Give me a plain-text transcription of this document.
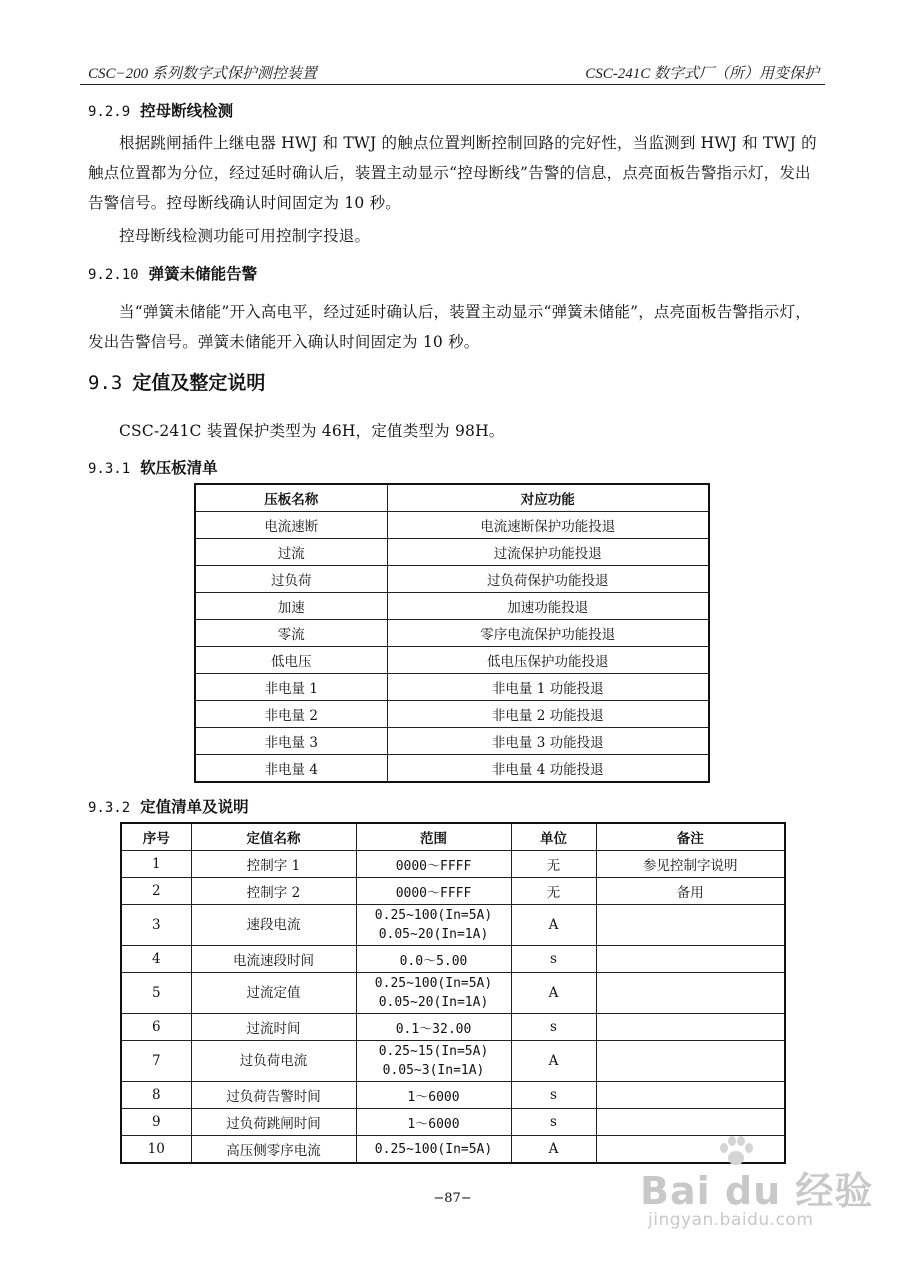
CSC−200 系列数字式保护测控装置	CSC-241C 数字式厂（所）用变保护
9.2.9 控母断线检测
根据跳闸插件上继电器 HWJ 和 TWJ 的触点位置判断控制回路的完好性，当监测到 HWJ 和 TWJ 的触点位置都为分位，经过延时确认后，装置主动显示“控母断线”告警的信息，点亮面板告警指示灯，发出告警信号。控母断线确认时间固定为 10 秒。
控母断线检测功能可用控制字投退。
9.2.10 弹簧未储能告警
当“弹簧未储能”开入高电平，经过延时确认后，装置主动显示“弹簧未储能”，点亮面板告警指示灯，发出告警信号。弹簧未储能开入确认时间固定为 10 秒。
9.3 定值及整定说明
CSC-241C 装置保护类型为 46H，定值类型为 98H。
9.3.1 软压板清单
压板名称	对应功能
电流速断	电流速断保护功能投退
过流	过流保护功能投退
过负荷	过负荷保护功能投退
加速	加速功能投退
零流	零序电流保护功能投退
低电压	低电压保护功能投退
非电量 1	非电量 1 功能投退
非电量 2	非电量 2 功能投退
非电量 3	非电量 3 功能投退
非电量 4	非电量 4 功能投退
9.3.2 定值清单及说明
序号	定值名称	范围	单位	备注
1	控制字 1	0000～FFFF	无	参见控制字说明
2	控制字 2	0000～FFFF	无	备用
3	速段电流	0.25~100(In=5A)
0.05~20(In=1A)	A	
4	电流速段时间	0.0～5.00	s	
5	过流定值	0.25~100(In=5A)
0.05~20(In=1A)	A	
6	过流时间	0.1～32.00	s	
7	过负荷电流	0.25~15(In=5A)
0.05~3(In=1A)	A	
8	过负荷告警时间	1～6000	s	
9	过负荷跳闸时间	1～6000	s	
10	高压侧零序电流	0.25~100(In=5A)	A	
−87−	Bai du 经验
jingyan.baidu.com
